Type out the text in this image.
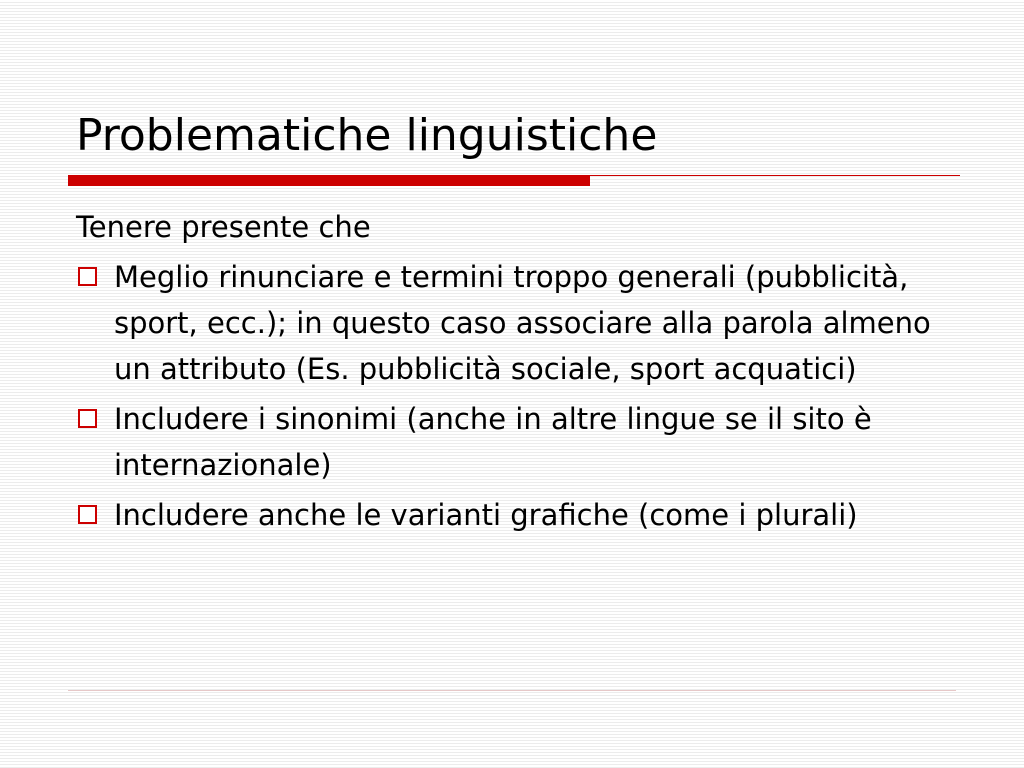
Problematiche linguistiche

Tenere presente che

Meglio rinunciare e termini troppo generali (pubblicità, sport, ecc.); in questo caso associare alla parola almeno un attributo (Es. pubblicità sociale, sport acquatici)
Includere i sinonimi (anche in altre lingue se il sito è internazionale)
Includere anche le varianti grafiche (come i plurali)
